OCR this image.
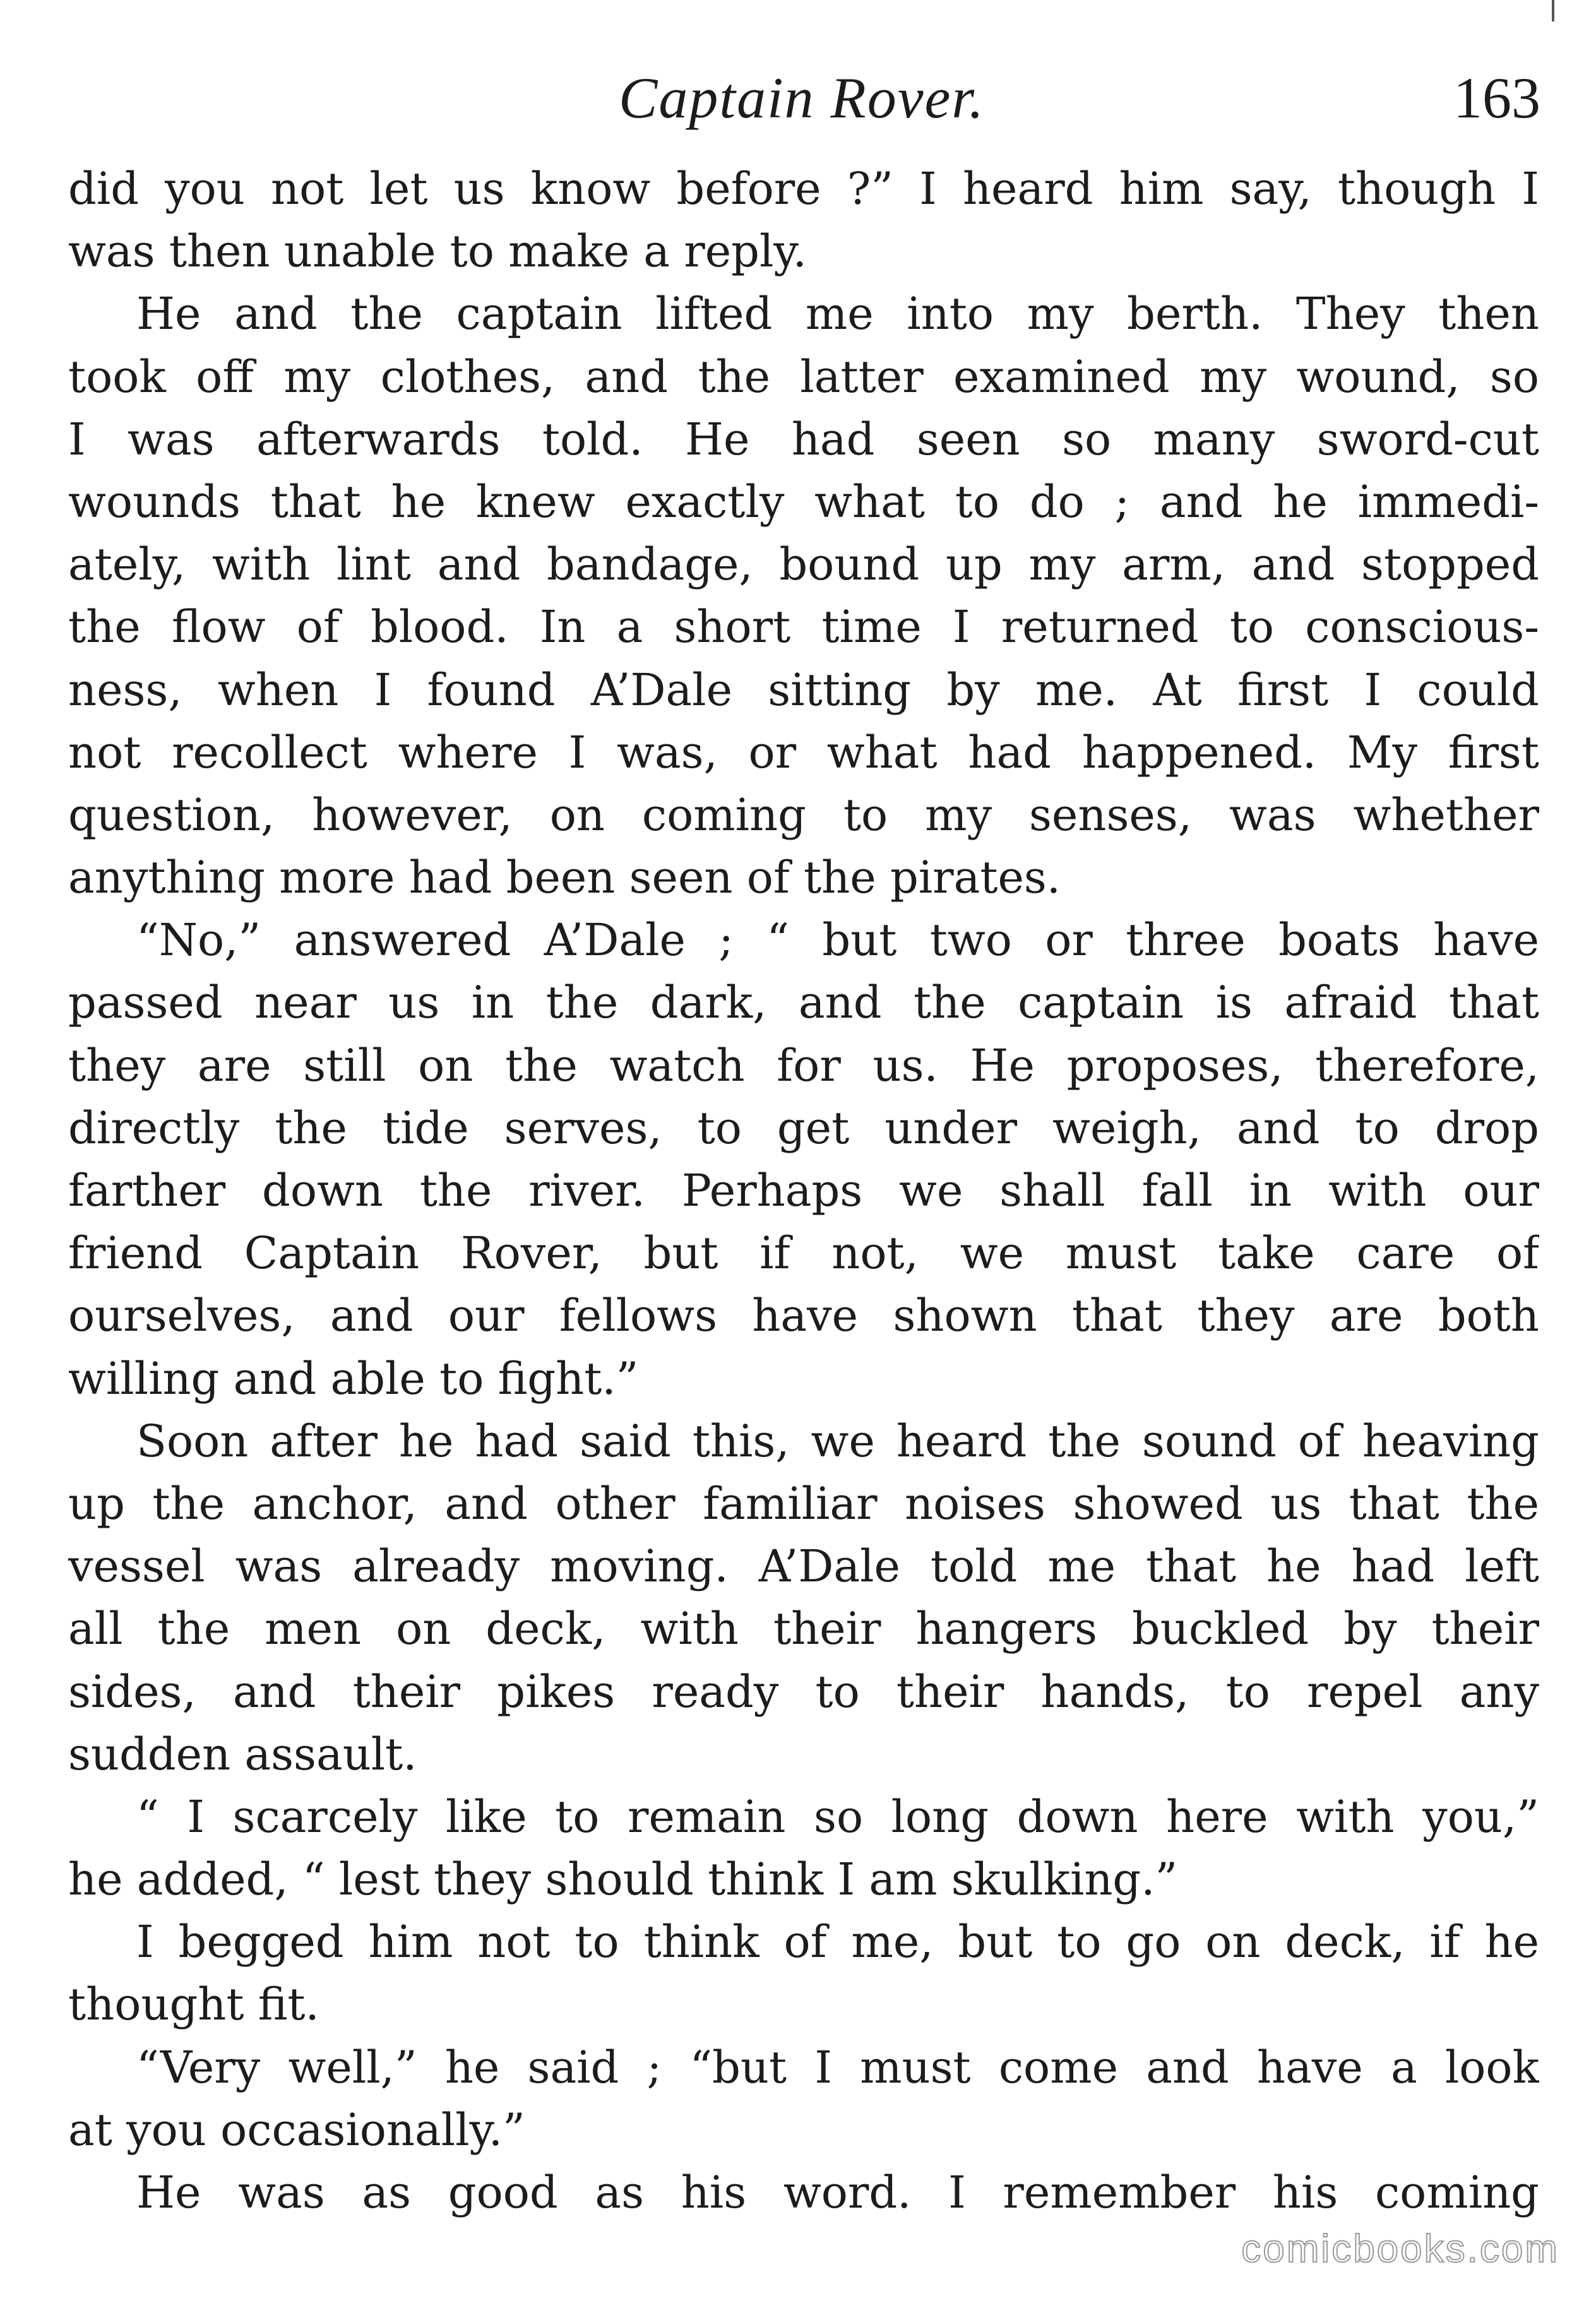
Captain Rover.	163
did you not let us know before ?” I heard him say, though I
was then unable to make a reply.
He and the captain lifted me into my berth. They then
took off my clothes, and the latter examined my wound, so
I was afterwards told. He had seen so many sword-cut
wounds that he knew exactly what to do ; and he immedi-
ately, with lint and bandage, bound up my arm, and stopped
the flow of blood. In a short time I returned to conscious-
ness, when I found A’Dale sitting by me. At first I could
not recollect where I was, or what had happened. My first
question, however, on coming to my senses, was whether
anything more had been seen of the pirates.
“No,” answered A’Dale ; “ but two or three boats have
passed near us in the dark, and the captain is afraid that
they are still on the watch for us. He proposes, therefore,
directly the tide serves, to get under weigh, and to drop
farther down the river. Perhaps we shall fall in with our
friend Captain Rover, but if not, we must take care of
ourselves, and our fellows have shown that they are both
willing and able to fight.”
Soon after he had said this, we heard the sound of heaving
up the anchor, and other familiar noises showed us that the
vessel was already moving. A’Dale told me that he had left
all the men on deck, with their hangers buckled by their
sides, and their pikes ready to their hands, to repel any
sudden assault.
“ I scarcely like to remain so long down here with you,”
he added, “ lest they should think I am skulking.”
I begged him not to think of me, but to go on deck, if he
thought fit.
“Very well,” he said ; “but I must come and have a look
at you occasionally.”
He was as good as his word. I remember his coming
comicbooks.com
